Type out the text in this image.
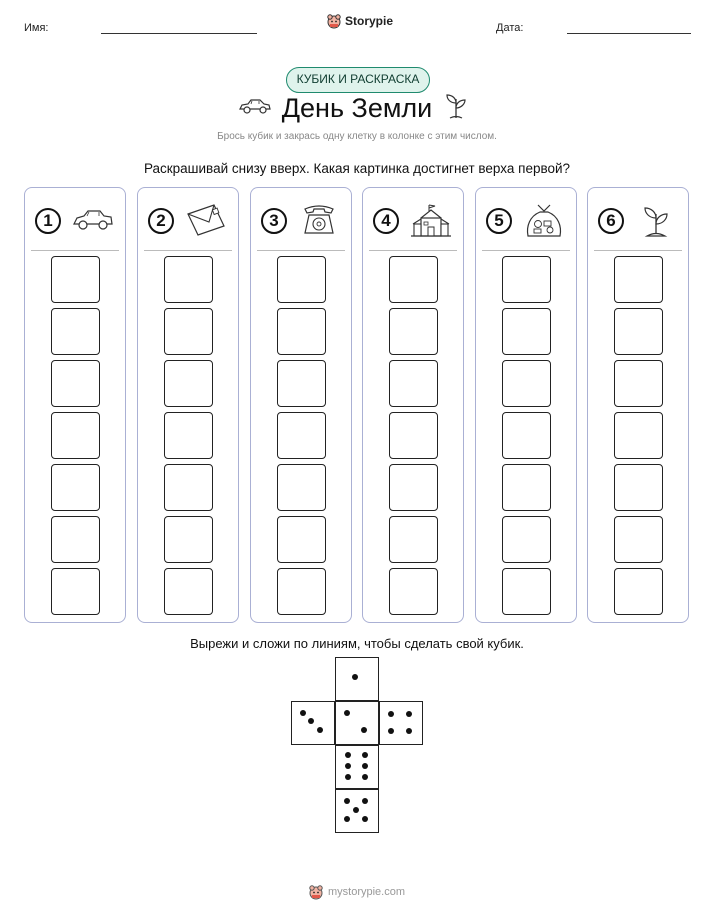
Имя:	Storypie	Дата:
КУБИК И РАСКРАСКА
День Земли
Брось кубик и закрась одну клетку в колонке с этим числом.
Раскрашивай снизу вверх. Какая картинка достигнет верха первой?
1	2	3	4	5	6
Вырежи и сложи по линиям, чтобы сделать свой кубик.
mystorypie.com
